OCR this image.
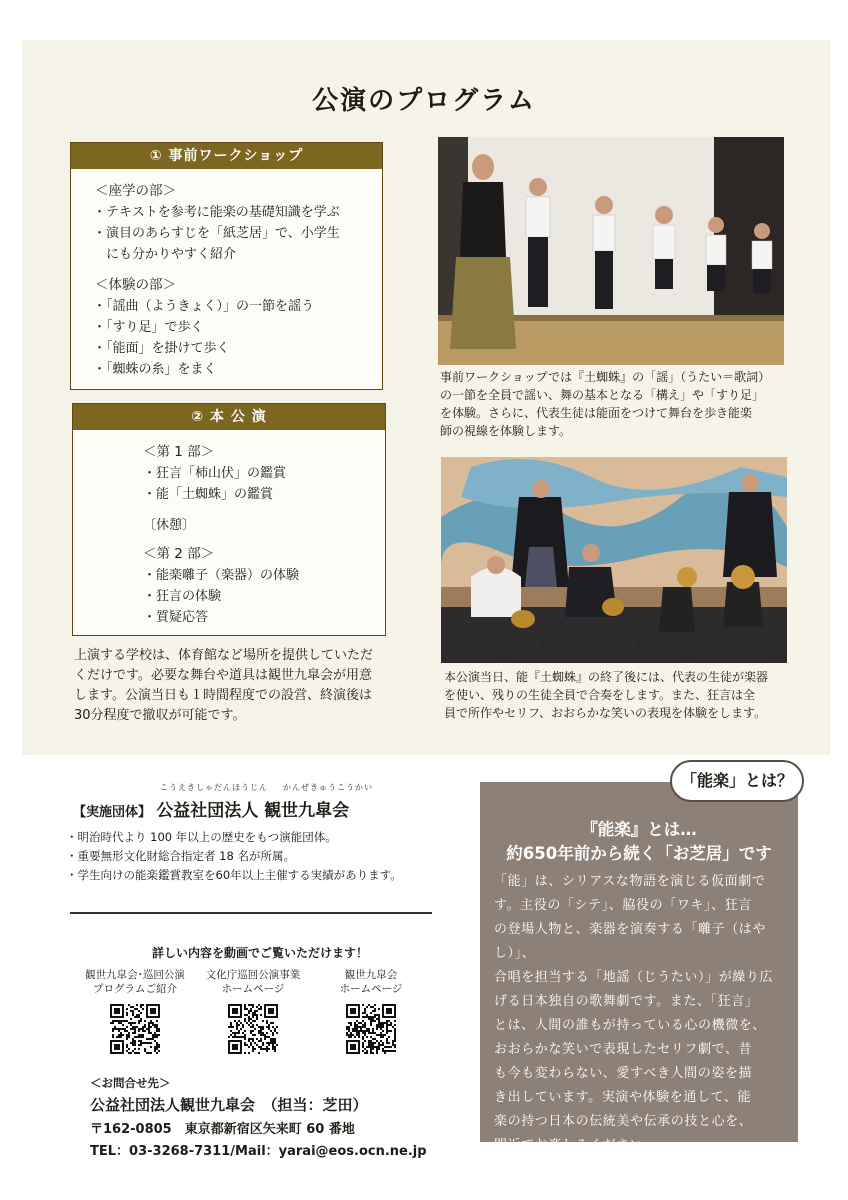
公演のプログラム
① 事前ワークショップ
＜座学の部＞
・ テキストを参考に能楽の基礎知識を学ぶ
・ 演目のあらすじを「紙芝居」で、小学生
にも分かりやすく紹介
＜体験の部＞
・ 「謡曲（ようきょく）」の一節を謡う
・ 「すり足」で歩く
・ 「能面」を掛けて歩く
・ 「蜘蛛の糸」をまく
② 本 公 演
＜第 1 部＞
・ 狂言「柿山伏」の鑑賞
・ 能「土蜘蛛」の鑑賞
〔休憩〕
＜第 2 部＞
・ 能楽囃子（楽器）の体験
・ 狂言の体験
・ 質疑応答
上演する学校は、体育館など場所を提供していただ
くだけです。必要な舞台や道具は観世九皐会が用意
します。公演当日も１時間程度での設営、終演後は
30分程度で撤収が可能です。
事前ワークショップでは『土蜘蛛』の「謡」（うたい＝歌詞）
の一節を全員で謡い、舞の基本となる「構え」や「すり足」
を体験。さらに、代表生徒は能面をつけて舞台を歩き能楽
師の視線を体験します。
本公演当日、能『土蜘蛛』の終了後には、代表の生徒が楽器
を使い、残りの生徒全員で合奏をします。また、狂言は全
員で所作やセリフ、おおらかな笑いの表現を体験をします。
こうえきしゃだんほうじん かんぜきゅうこうかい
【実施団体】 公益社団法人 観世九皐会
・ 明治時代より 100 年以上の歴史をもつ演能団体。
・ 重要無形文化財総合指定者 18 名が所属。
・ 学生向けの能楽鑑賞教室を60年以上主催する実績があります。
詳しい内容を動画でご覧いただけます！
観世九皐会･巡回公演
プログラムご紹介
文化庁巡回公演事業
ホームページ
観世九皐会
ホームページ
＜お問合せ先＞
公益社団法人観世九皐会　（担当：芝田）
〒162-0805　東京都新宿区矢来町 60 番地
TEL：03-3268-7311/Mail：yarai@eos.ocn.ne.jp
『能楽』とは…
約650年前から続く「お芝居」です
「能」は、シリアスな物語を演じる仮面劇で
す。主役の「シテ」、脇役の「ワキ」、狂言
の登場人物と、楽器を演奏する「囃子（はやし）」、
合唱を担当する「地謡（じうたい）」が繰り広
げる日本独自の歌舞劇です。また、「狂言」
とは、人間の誰もが持っている心の機微を、
おおらかな笑いで表現したセリフ劇で、昔
も今も変わらない、愛すべき人間の姿を描
き出しています。実演や体験を通して、能
楽の持つ日本の伝統美や伝承の技と心を、
間近でお楽しみください。
「能楽」とは？
